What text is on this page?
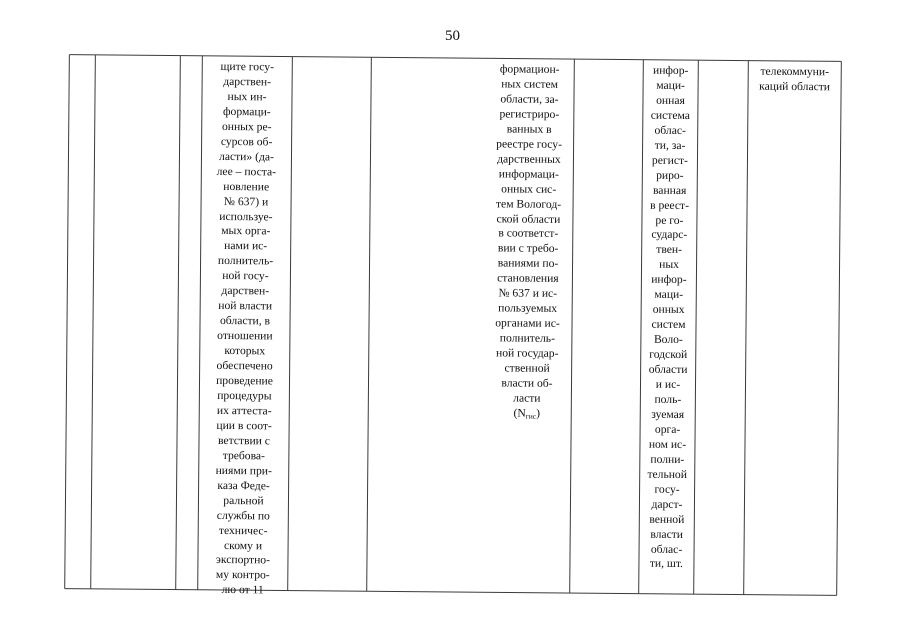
50
щите госу-
дарствен-
ных ин-
формаци-
онных ре-
сурсов об-
ласти» (да-
лее – поста-
новление
№ 637) и
используе-
мых орга-
нами ис-
полнитель-
ной госу-
дарствен-
ной власти
области, в
отношении
которых
обеспечено
проведение
процедуры
их аттеста-
ции в соот-
ветствии с
требова-
ниями при-
каза Феде-
ральной
службы по
техничес-
скому и
экспортно-
му контро-
лю от 11
формацион-
ных систем
области, за-
регистриро-
ванных в
реестре госу-
дарственных
информаци-
онных сис-
тем Вологод-
ской области
в соответст-
вии с требо-
ваниями по-
становления
№ 637 и ис-
пользуемых
органами ис-
полнитель-
ной государ-
ственной
власти об-
ласти
$(N_{гис})$
инфор-
маци-
онная
система
облас-
ти, за-
регист-
риро-
ванная
в реест-
ре го-
сударс-
твен-
ных
инфор-
маци-
онных
систем
Воло-
годской
области
и ис-
поль-
зуемая
орга-
ном ис-
полни-
тельной
госу-
дарст-
венной
власти
облас-
ти, шт.
телекоммуни-
каций области
